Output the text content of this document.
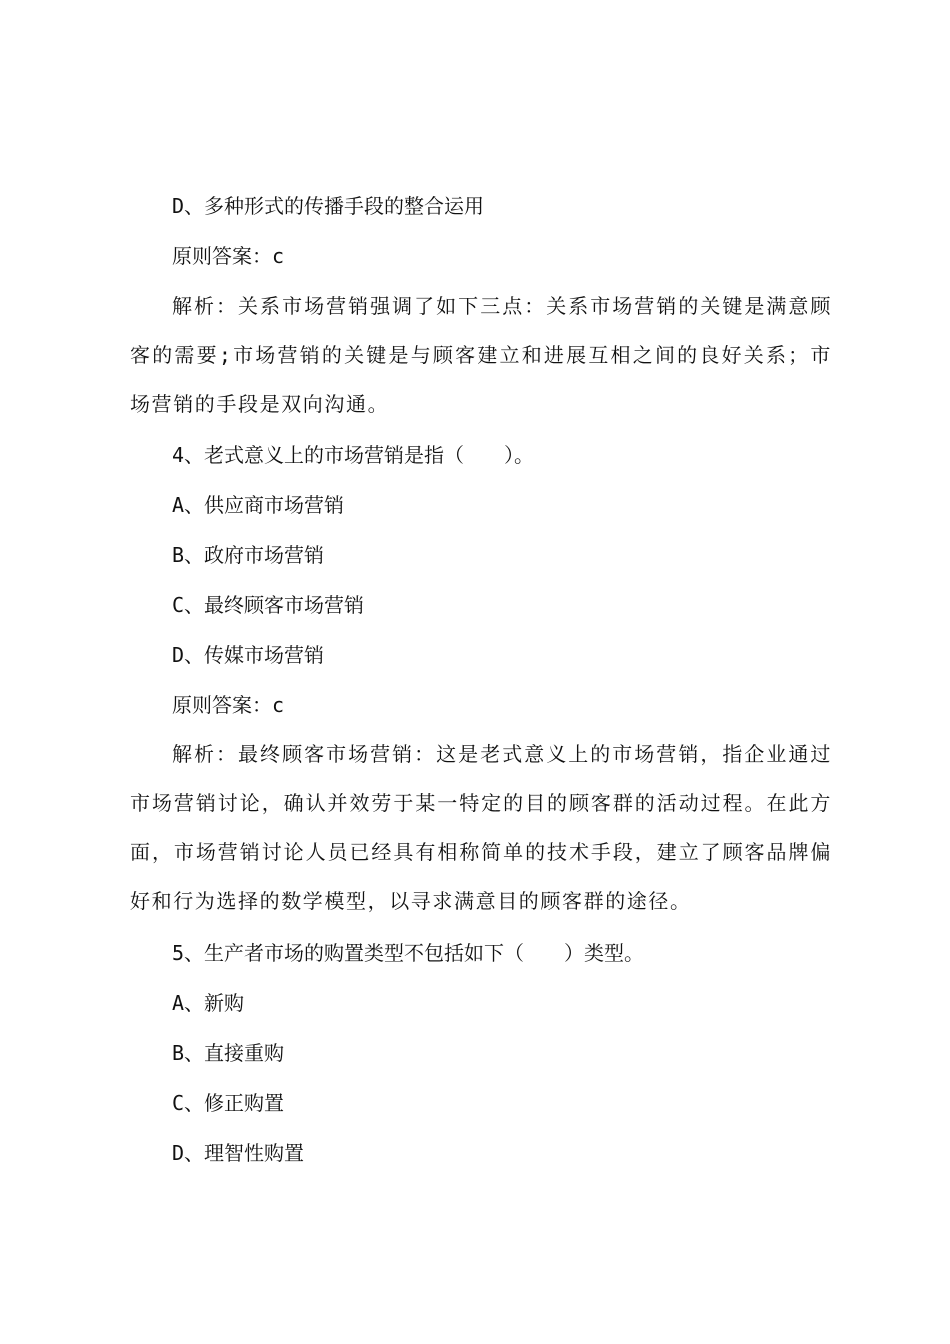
D、多种形式的传播手段的整合运用
原则答案：c
解析：关系市场营销强调了如下三点：关系市场营销的关键是满意顾客的需要;市场营销的关键是与顾客建立和进展互相之间的良好关系；市场营销的手段是双向沟通。
4、老式意义上的市场营销是指（　　）。
A、供应商市场营销
B、政府市场营销
C、最终顾客市场营销
D、传媒市场营销
原则答案：c
解析：最终顾客市场营销：这是老式意义上的市场营销，指企业通过市场营销讨论，确认并效劳于某一特定的目的顾客群的活动过程。在此方面，市场营销讨论人员已经具有相称简单的技术手段，建立了顾客品牌偏好和行为选择的数学模型，以寻求满意目的顾客群的途径。
5、生产者市场的购置类型不包括如下（　　）类型。
A、新购
B、直接重购
C、修正购置
D、理智性购置
